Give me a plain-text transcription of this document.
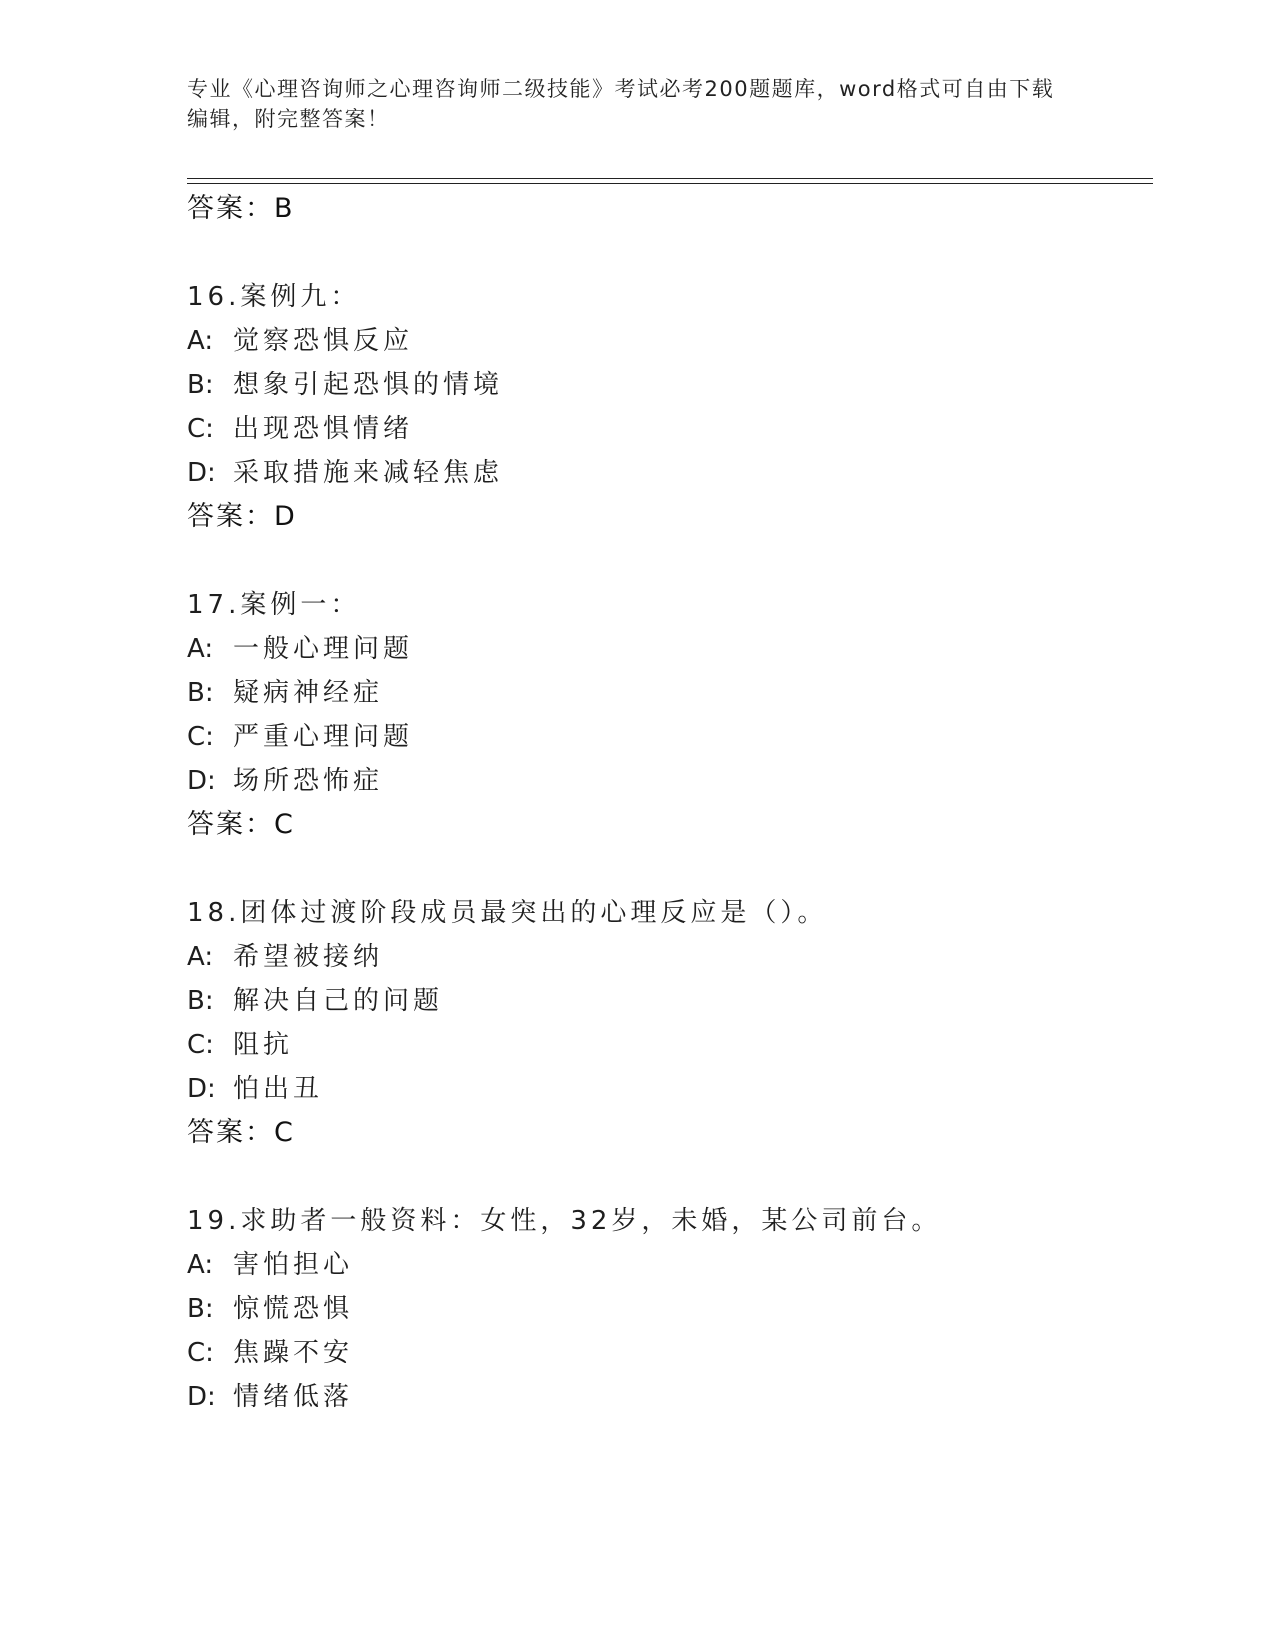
专业《心理咨询师之心理咨询师二级技能》考试必考200题题库，word格式可自由下载编辑，附完整答案！
答案：B
16.案例九：
A: 觉察恐惧反应
B: 想象引起恐惧的情境
C: 出现恐惧情绪
D: 采取措施来减轻焦虑
答案：D
17.案例一：
A: 一般心理问题
B: 疑病神经症
C: 严重心理问题
D: 场所恐怖症
答案：C
18.团体过渡阶段成员最突出的心理反应是（）。
A: 希望被接纳
B: 解决自己的问题
C: 阻抗
D: 怕出丑
答案：C
19.求助者一般资料：女性，32岁，未婚，某公司前台。
A: 害怕担心
B: 惊慌恐惧
C: 焦躁不安
D: 情绪低落
